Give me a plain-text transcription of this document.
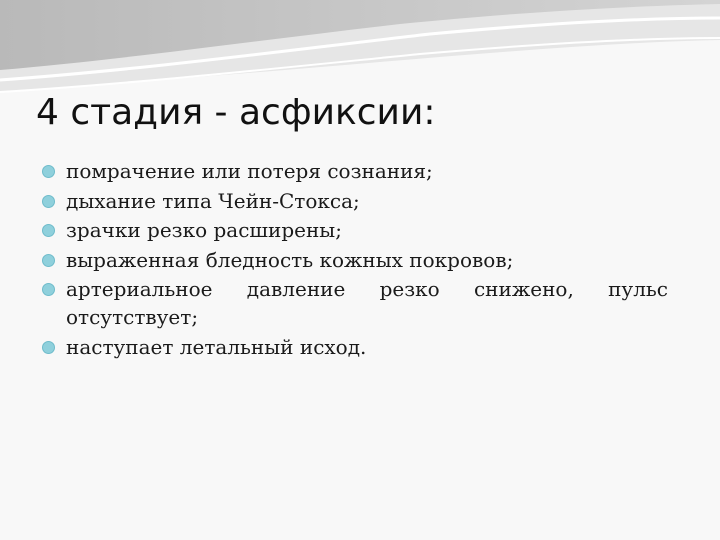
4 стадия - асфиксии:
помрачение или потеря сознания;
дыхание типа Чейн-Стокса;
зрачки резко расширены;
выраженная бледность кожных покровов;
артериальное давление резко снижено, пульс отсутствует;
наступает летальный исход.
